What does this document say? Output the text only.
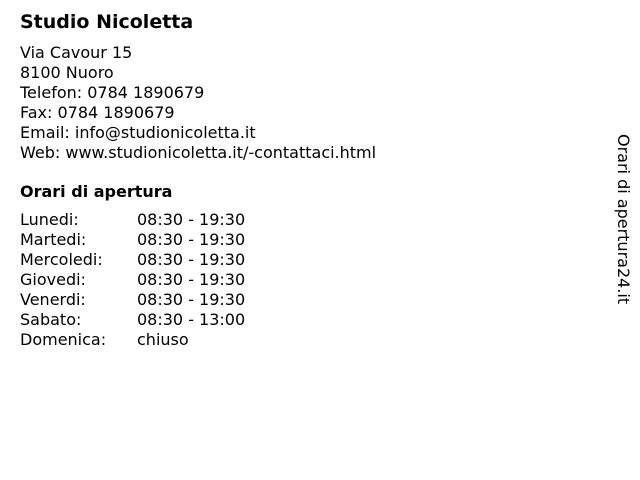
Studio Nicoletta
Via Cavour 15
8100 Nuoro
Telefon: 0784 1890679
Fax: 0784 1890679
Email: info@studionicoletta.it
Web: www.studionicoletta.it/-contattaci.html
Orari di apertura
Lunedi:	08:30 - 19:30
Martedi:	08:30 - 19:30
Mercoledi:	08:30 - 19:30
Giovedi:	08:30 - 19:30
Venerdi:	08:30 - 19:30
Sabato:	08:30 - 13:00
Domenica:	chiuso
Orari di apertura24.it
